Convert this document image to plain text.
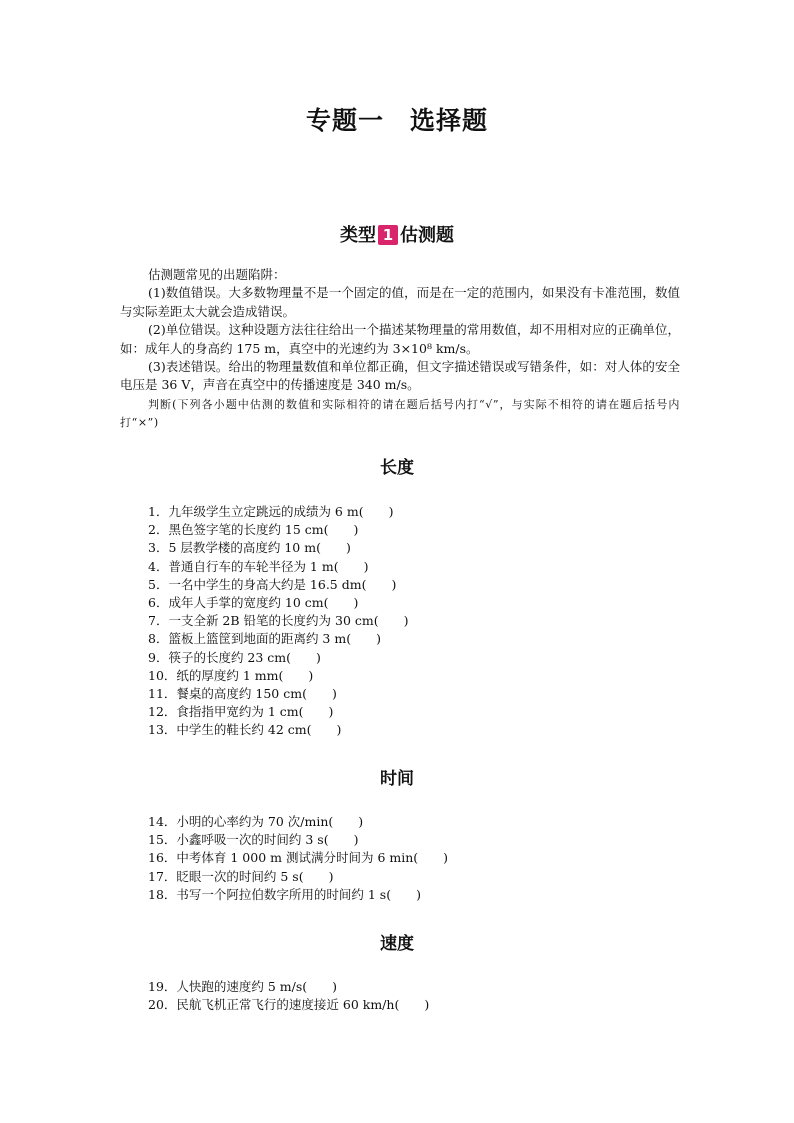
专题一 选择题
类型 1 估测题

估测题常见的出题陷阱：

(1)数值错误。大多数物理量不是一个固定的值，而是在一定的范围内，如果没有卡准范围，数值与实际差距太大就会造成错误。

(2)单位错误。这种设题方法往往给出一个描述某物理量的常用数值，却不用相对应的正确单位，如：成年人的身高约 175 m，真空中的光速约为 3×10⁸ km/s。

(3)表述错误。给出的物理量数值和单位都正确，但文字描述错误或写错条件，如：对人体的安全电压是 36 V，声音在真空中的传播速度是 340 m/s。

判断(下列各小题中估测的数值和实际相符的请在题后括号内打“√”，与实际不相符的请在题后括号内打“×”)

长度
1．九年级学生立定跳远的成绩为 6 m(　　)
2．黑色签字笔的长度约 15 cm(　　)
3．5 层教学楼的高度约 10 m(　　)
4．普通自行车的车轮半径为 1 m(　　)
5．一名中学生的身高大约是 16.5 dm(　　)
6．成年人手掌的宽度约 10 cm(　　)
7．一支全新 2B 铅笔的长度约为 30 cm(　　)
8．篮板上篮筐到地面的距离约 3 m(　　)
9．筷子的长度约 23 cm(　　)
10．纸的厚度约 1 mm(　　)
11．餐桌的高度约 150 cm(　　)
12．食指指甲宽约为 1 cm(　　)
13．中学生的鞋长约 42 cm(　　)
时间
14．小明的心率约为 70 次/min(　　)
15．小鑫呼吸一次的时间约 3 s(　　)
16．中考体育 1 000 m 测试满分时间为 6 min(　　)
17．眨眼一次的时间约 5 s(　　)
18．书写一个阿拉伯数字所用的时间约 1 s(　　)
速度
19．人快跑的速度约 5 m/s(　　)
20．民航飞机正常飞行的速度接近 60 km/h(　　)
